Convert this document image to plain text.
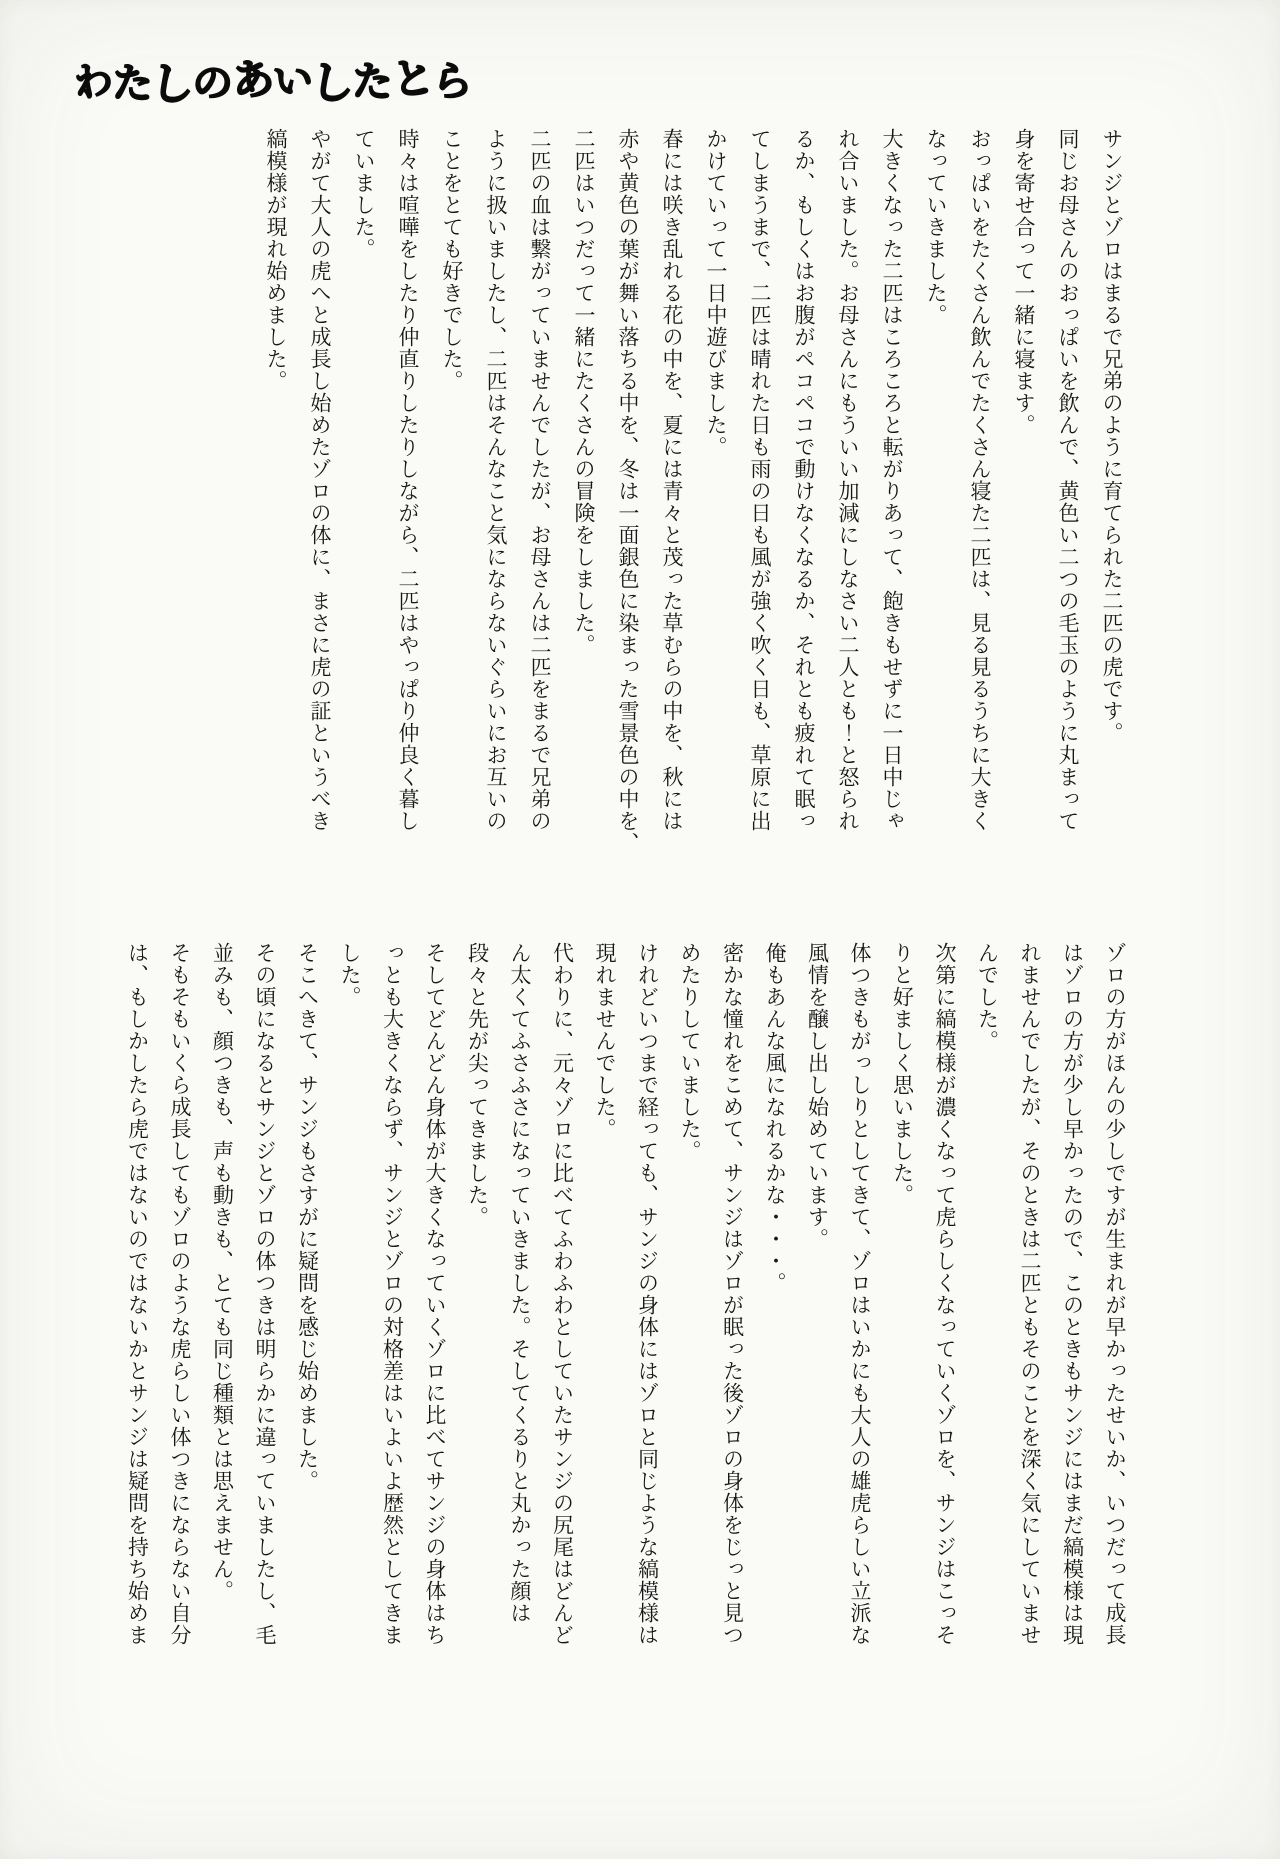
わたしのあいしたとら

サンジとゾロはまるで兄弟のように育てられた二匹の虎です。

同じお母さんのおっぱいを飲んで、黄色い二つの毛玉のように丸まって

身を寄せ合って一緒に寝ます。

おっぱいをたくさん飲んでたくさん寝た二匹は、見る見るうちに大きく

なっていきました。

大きくなった二匹はころころと転がりあって、飽きもせずに一日中じゃ

れ合いました。お母さんにもういい加減にしなさい二人とも！と怒られ

るか、もしくはお腹がペコペコで動けなくなるか、それとも疲れて眠っ

てしまうまで、二匹は晴れた日も雨の日も風が強く吹く日も、草原に出

かけていって一日中遊びました。

春には咲き乱れる花の中を、夏には青々と茂った草むらの中を、秋には

赤や黄色の葉が舞い落ちる中を、冬は一面銀色に染まった雪景色の中を、

二匹はいつだって一緒にたくさんの冒険をしました。

二匹の血は繋がっていませんでしたが、お母さんは二匹をまるで兄弟の

ように扱いましたし、二匹はそんなこと気にならないぐらいにお互いの

ことをとても好きでした。

時々は喧嘩をしたり仲直りしたりしながら、二匹はやっぱり仲良く暮し

ていました。

やがて大人の虎へと成長し始めたゾロの体に、まさに虎の証というべき

縞模様が現れ始めました。

ゾロの方がほんの少しですが生まれが早かったせいか、いつだって成長

はゾロの方が少し早かったので、このときもサンジにはまだ縞模様は現

れませんでしたが、そのときは二匹ともそのことを深く気にしていませ

んでした。

次第に縞模様が濃くなって虎らしくなっていくゾロを、サンジはこっそ

りと好ましく思いました。

体つきもがっしりとしてきて、ゾロはいかにも大人の雄虎らしい立派な

風情を醸し出し始めています。

俺もあんな風になれるかな・・・。

密かな憧れをこめて、サンジはゾロが眠った後ゾロの身体をじっと見つ

めたりしていました。

けれどいつまで経っても、サンジの身体にはゾロと同じような縞模様は

現れませんでした。

代わりに、元々ゾロに比べてふわふわとしていたサンジの尻尾はどんど

ん太くてふさふさになっていきました。そしてくるりと丸かった顔は

段々と先が尖ってきました。

そしてどんどん身体が大きくなっていくゾロに比べてサンジの身体はち

っとも大きくならず、サンジとゾロの対格差はいよいよ歴然としてきま

した。

そこへきて、サンジもさすがに疑問を感じ始めました。

その頃になるとサンジとゾロの体つきは明らかに違っていましたし、毛

並みも、顔つきも、声も動きも、とても同じ種類とは思えません。

そもそもいくら成長してもゾロのような虎らしい体つきにならない自分

は、もしかしたら虎ではないのではないかとサンジは疑問を持ち始めま
